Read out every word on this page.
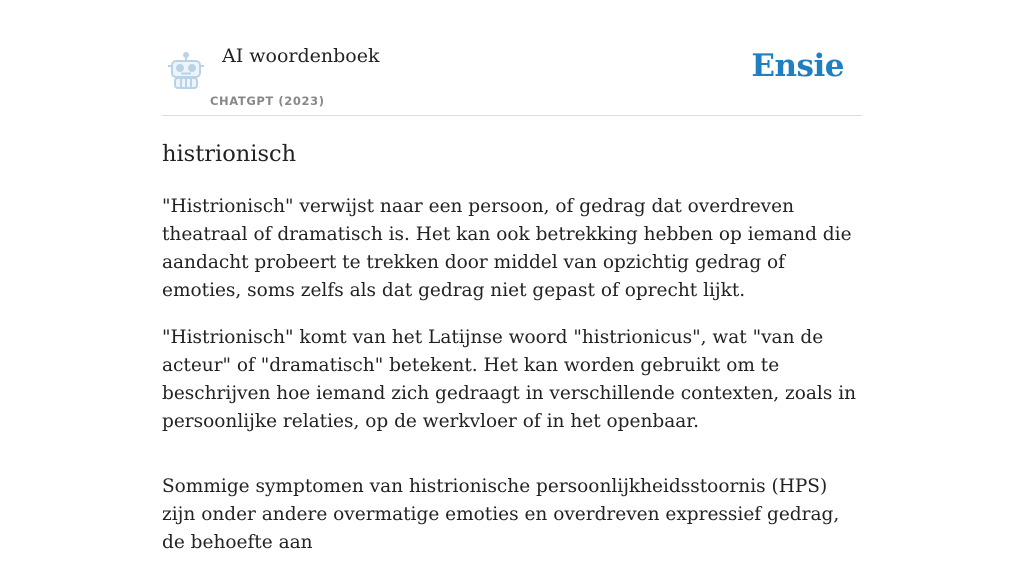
AI woordenboek
CHATGPT (2023)
Ensie
histrionisch

"Histrionisch" verwijst naar een persoon, of gedrag dat overdreven theatraal of dramatisch is. Het kan ook betrekking hebben op iemand die aandacht probeert te trekken door middel van opzichtig gedrag of emoties, soms zelfs als dat gedrag niet gepast of oprecht lijkt.

"Histrionisch" komt van het Latijnse woord "histrionicus", wat "van de acteur" of "dramatisch" betekent. Het kan worden gebruikt om te beschrijven hoe iemand zich gedraagt in verschillende contexten, zoals in persoonlijke relaties, op de werkvloer of in het openbaar.

Sommige symptomen van histrionische persoonlijkheidsstoornis (HPS) zijn onder andere overmatige emoties en overdreven expressief gedrag, de behoefte aan
